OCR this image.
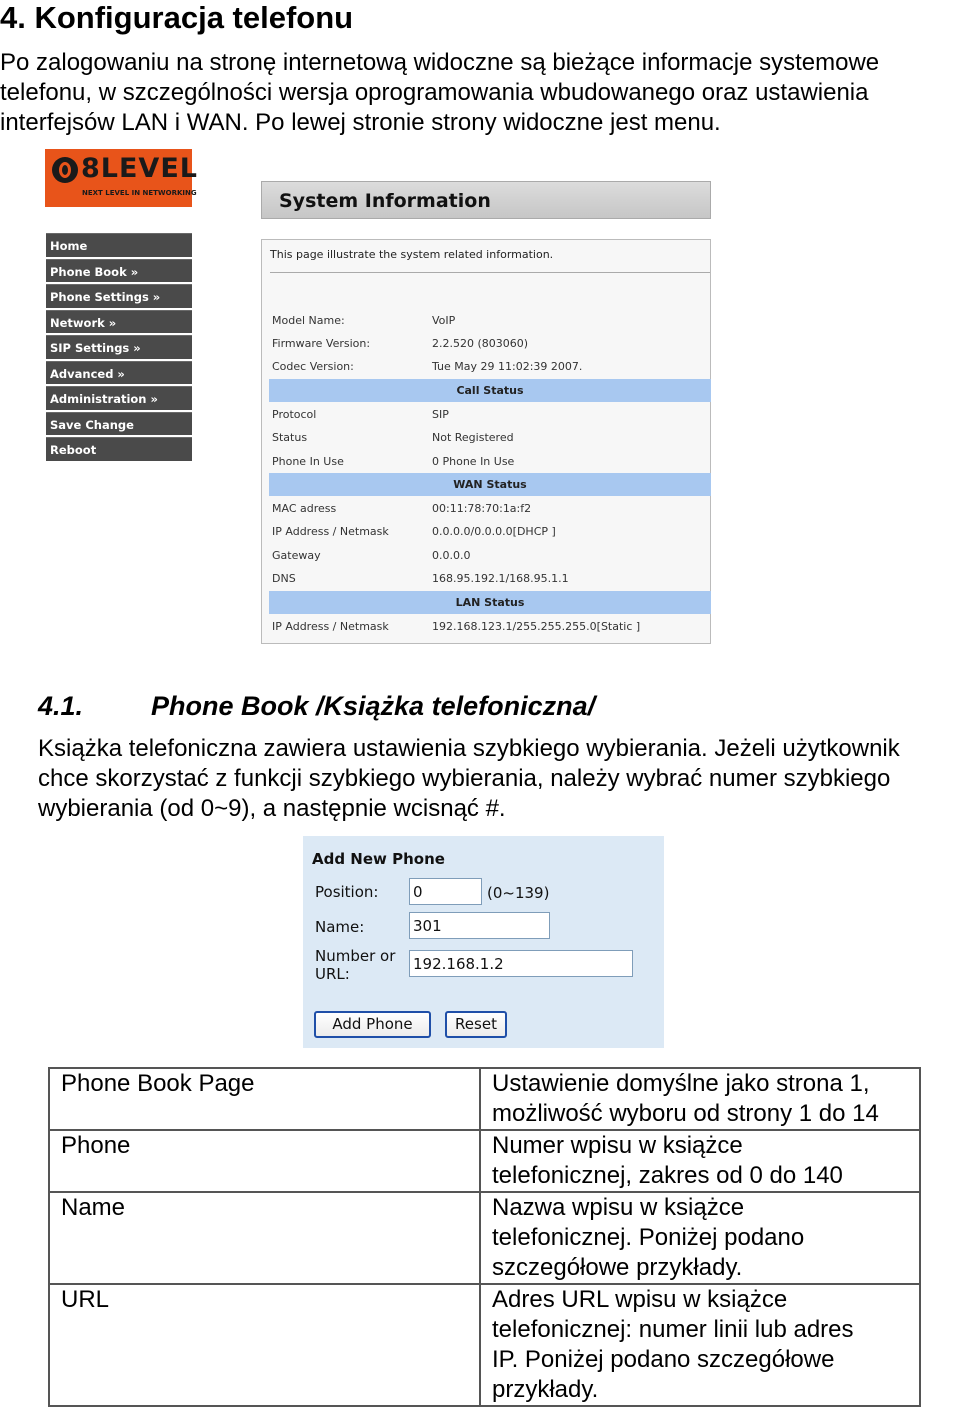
4. Konfiguracja telefonu
Po zalogowaniu na stronę internetową widoczne są bieżące informacje systemowe
telefonu, w szczególności wersja oprogramowania wbudowanego oraz ustawienia
interfejsów LAN i WAN. Po lewej stronie strony widoczne jest menu.
8LEVEL
NEXT LEVEL IN NETWORKING
Home
Phone Book »
Phone Settings »
Network »
SIP Settings »
Advanced »
Administration »
Save Change
Reboot
System Information
This page illustrate the system related information.
Model Name:	VoIP
Firmware Version:	2.2.520 (803060)
Codec Version:	Tue May 29 11:02:39 2007.
Call Status
Protocol	SIP
Status	Not Registered
Phone In Use	0 Phone In Use
WAN Status
MAC adress	00:11:78:70:1a:f2
IP Address / Netmask	0.0.0.0/0.0.0.0[DHCP ]
Gateway	0.0.0.0
DNS	168.95.192.1/168.95.1.1
LAN Status
IP Address / Netmask	192.168.123.1/255.255.255.0[Static ]
4.1.	Phone Book /Książka telefoniczna/
Książka telefoniczna zawiera ustawienia szybkiego wybierania. Jeżeli użytkownik
chce skorzystać z funkcji szybkiego wybierania, należy wybrać numer szybkiego
wybierania (od 0~9), a następnie wcisnąć #.
Add New Phone
Position: 0	(0~139)
Name:	301
Number or
URL:
192.168.1.2
Add Phone	Reset
Phone Book Page	Ustawienie domyślne jako strona 1,
możliwość wyboru od strony 1 do 14

Phone	Numer wpisu w książce
telefonicznej, zakres od 0 do 140

Name	Nazwa wpisu w książce
telefonicznej. Poniżej podano
szczegółowe przykłady.

URL	Adres URL wpisu w książce
telefonicznej: numer linii lub adres
IP. Poniżej podano szczegółowe
przykłady.
